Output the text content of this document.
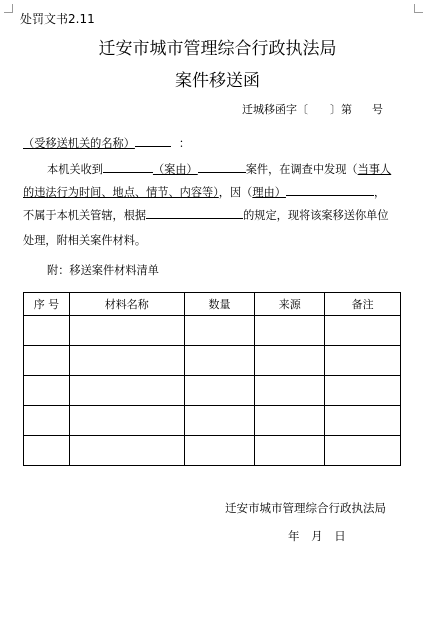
处罚文书2.11
迁安市城市管理综合行政执法局
案件移送函
迁城移函字〔 〕第 号
（受移送机关的名称）	：
本机关收到	（案由）	案件，在调查中发现（当事人
的违法行为时间、地点、情节、内容等），因（理由）	，
不属于本机关管辖，根据	的规定，现将该案移送你单位
处理，附相关案件材料。
附：移送案件材料清单
序 号	材料名称	数量	来源	备注

迁安市城市管理综合行政执法局
年 月 日
